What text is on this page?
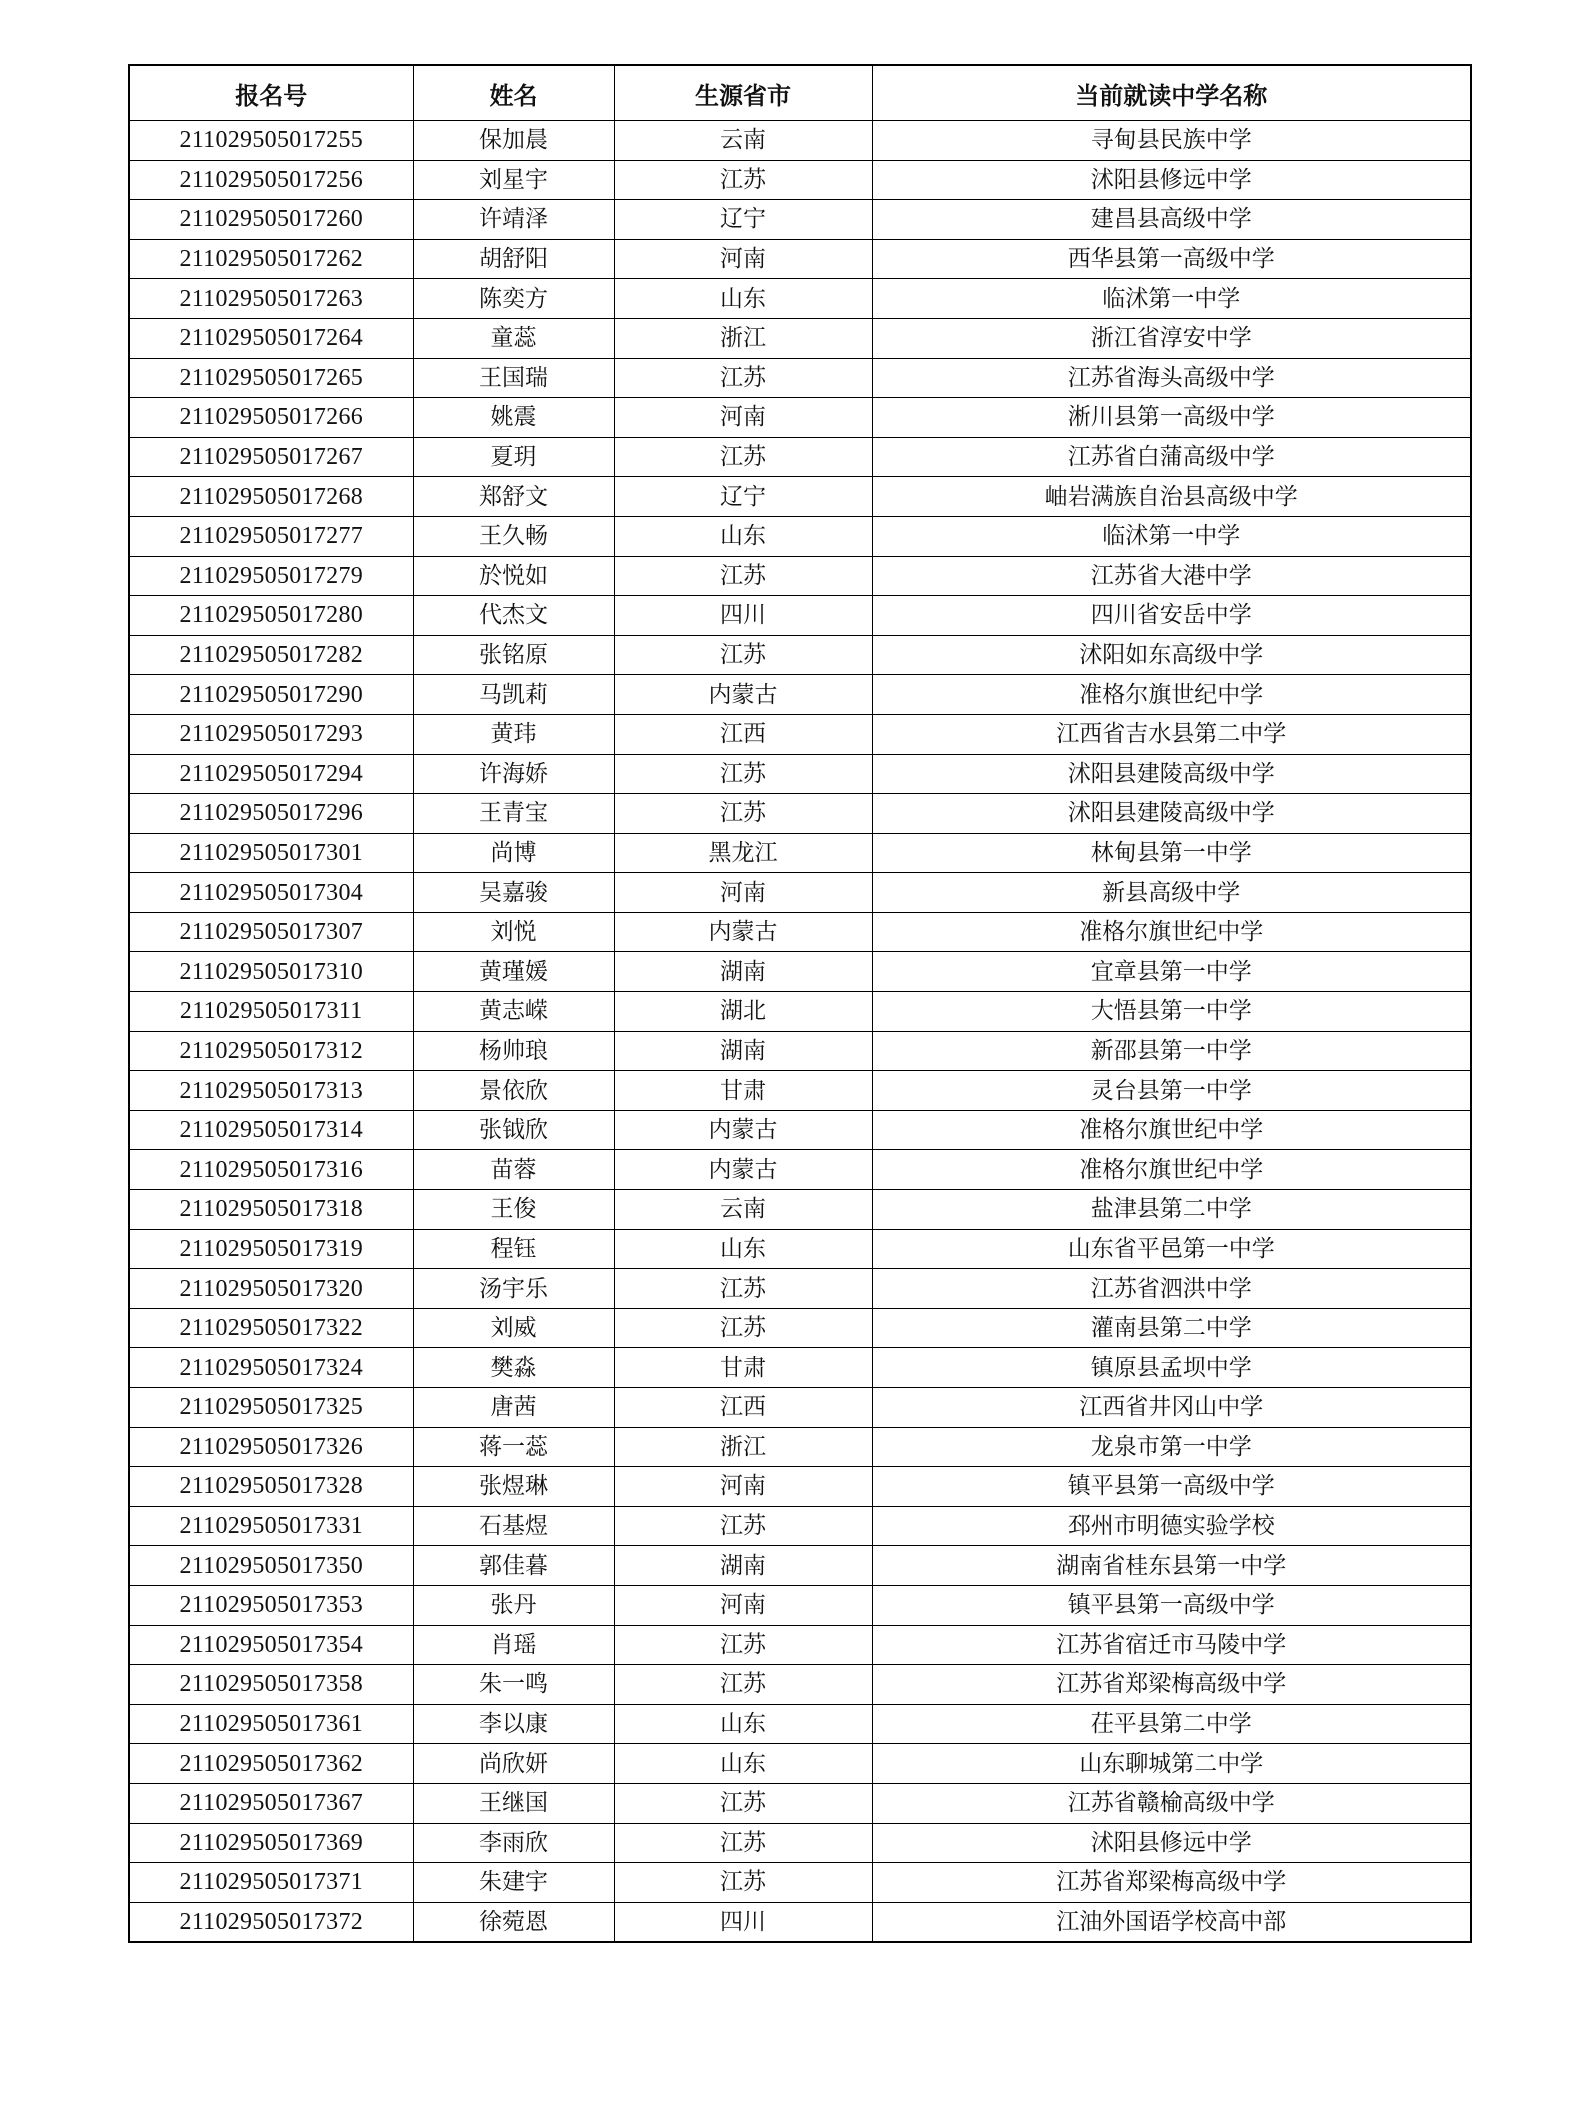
报名号	姓名	生源省市	当前就读中学名称
211029505017255	保加晨	云南	寻甸县民族中学
211029505017256	刘星宇	江苏	沭阳县修远中学
211029505017260	许靖泽	辽宁	建昌县高级中学
211029505017262	胡舒阳	河南	西华县第一高级中学
211029505017263	陈奕方	山东	临沭第一中学
211029505017264	童蕊	浙江	浙江省淳安中学
211029505017265	王国瑞	江苏	江苏省海头高级中学
211029505017266	姚震	河南	淅川县第一高级中学
211029505017267	夏玥	江苏	江苏省白蒲高级中学
211029505017268	郑舒文	辽宁	岫岩满族自治县高级中学
211029505017277	王久畅	山东	临沭第一中学
211029505017279	於悦如	江苏	江苏省大港中学
211029505017280	代杰文	四川	四川省安岳中学
211029505017282	张铭原	江苏	沭阳如东高级中学
211029505017290	马凯莉	内蒙古	准格尔旗世纪中学
211029505017293	黄玮	江西	江西省吉水县第二中学
211029505017294	许海娇	江苏	沭阳县建陵高级中学
211029505017296	王青宝	江苏	沭阳县建陵高级中学
211029505017301	尚博	黑龙江	林甸县第一中学
211029505017304	吴嘉骏	河南	新县高级中学
211029505017307	刘悦	内蒙古	准格尔旗世纪中学
211029505017310	黄瑾媛	湖南	宜章县第一中学
211029505017311	黄志嵘	湖北	大悟县第一中学
211029505017312	杨帅琅	湖南	新邵县第一中学
211029505017313	景依欣	甘肃	灵台县第一中学
211029505017314	张钺欣	内蒙古	准格尔旗世纪中学
211029505017316	苗蓉	内蒙古	准格尔旗世纪中学
211029505017318	王俊	云南	盐津县第二中学
211029505017319	程钰	山东	山东省平邑第一中学
211029505017320	汤宇乐	江苏	江苏省泗洪中学
211029505017322	刘威	江苏	灌南县第二中学
211029505017324	樊淼	甘肃	镇原县孟坝中学
211029505017325	唐茜	江西	江西省井冈山中学
211029505017326	蒋一蕊	浙江	龙泉市第一中学
211029505017328	张煜琳	河南	镇平县第一高级中学
211029505017331	石基煜	江苏	邳州市明德实验学校
211029505017350	郭佳暮	湖南	湖南省桂东县第一中学
211029505017353	张丹	河南	镇平县第一高级中学
211029505017354	肖瑶	江苏	江苏省宿迁市马陵中学
211029505017358	朱一鸣	江苏	江苏省郑梁梅高级中学
211029505017361	李以康	山东	茌平县第二中学
211029505017362	尚欣妍	山东	山东聊城第二中学
211029505017367	王继国	江苏	江苏省赣榆高级中学
211029505017369	李雨欣	江苏	沭阳县修远中学
211029505017371	朱建宇	江苏	江苏省郑梁梅高级中学
211029505017372	徐菀恩	四川	江油外国语学校高中部
